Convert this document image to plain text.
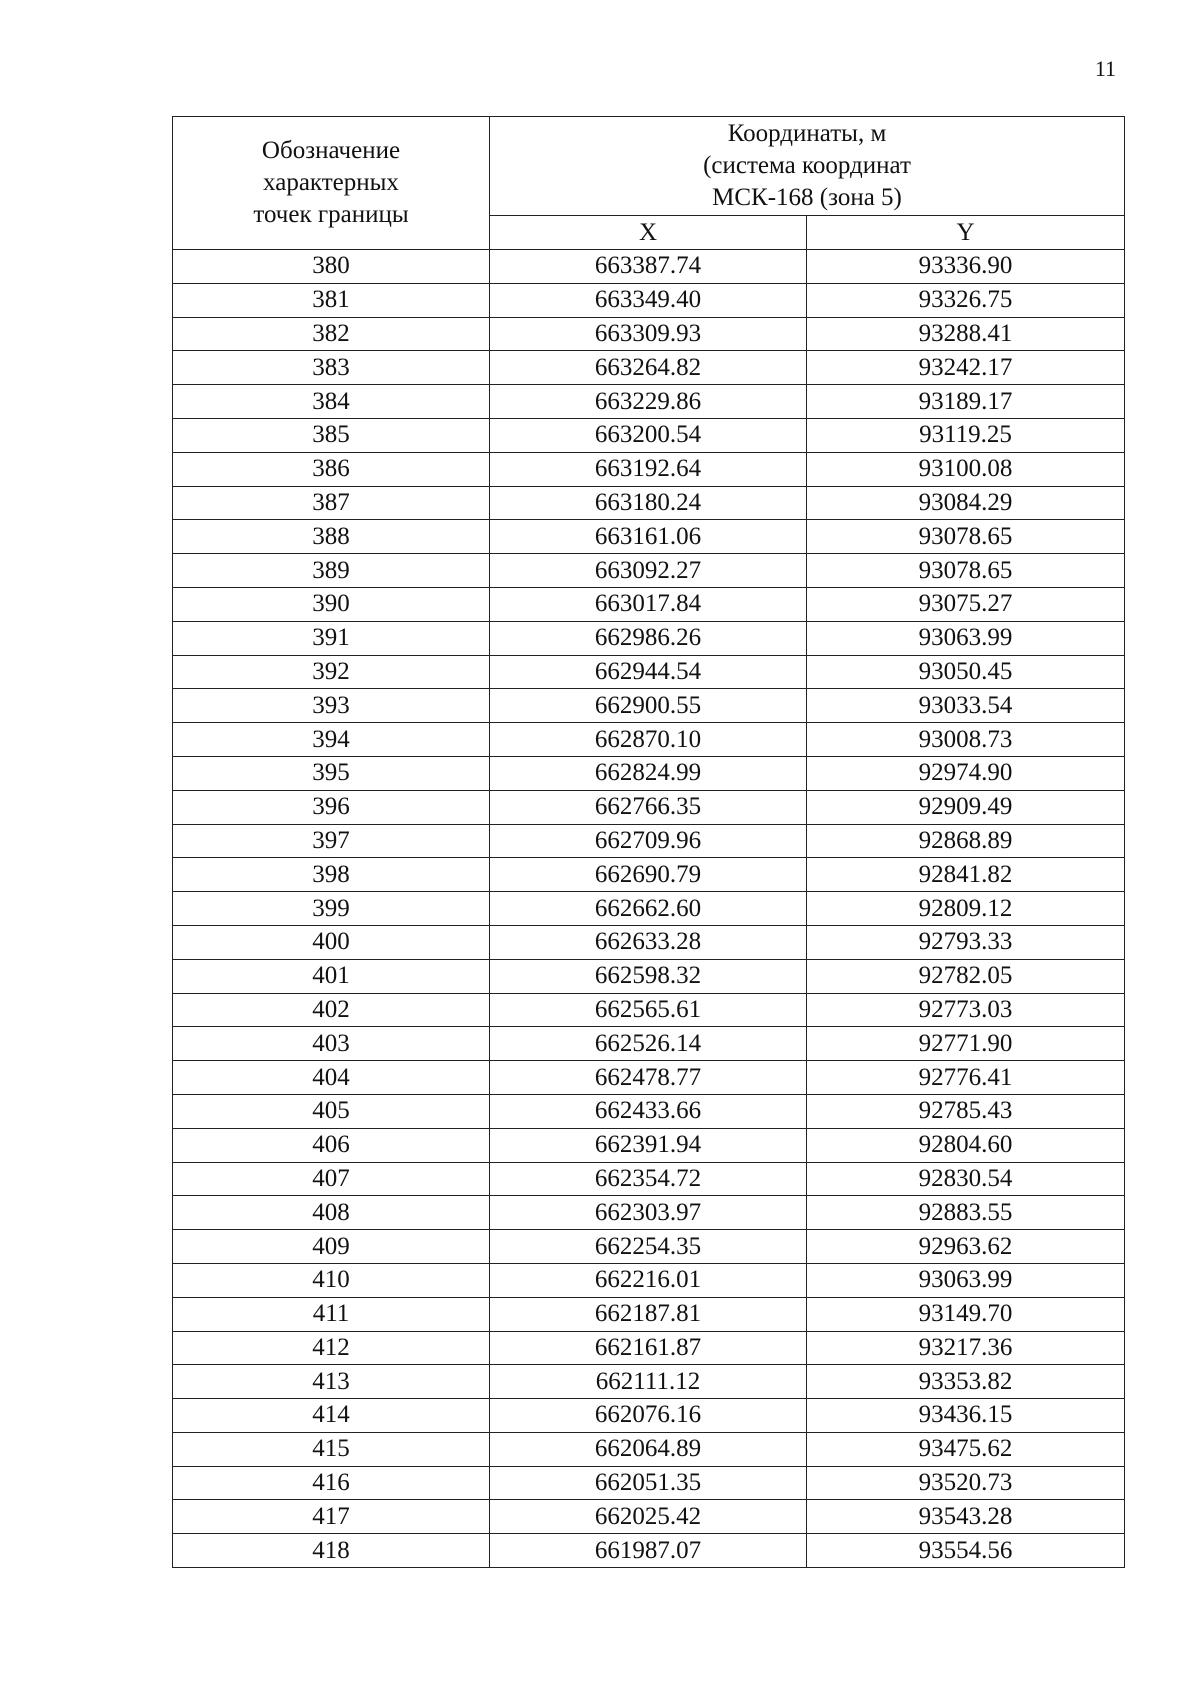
11
Обозначение
характерных
точек границы	Координаты, м
(система координат
МСК-168 (зона 5)	

	X	Y
380	663387.74	93336.90
381	663349.40	93326.75
382	663309.93	93288.41
383	663264.82	93242.17
384	663229.86	93189.17
385	663200.54	93119.25
386	663192.64	93100.08
387	663180.24	93084.29
388	663161.06	93078.65
389	663092.27	93078.65
390	663017.84	93075.27
391	662986.26	93063.99
392	662944.54	93050.45
393	662900.55	93033.54
394	662870.10	93008.73
395	662824.99	92974.90
396	662766.35	92909.49
397	662709.96	92868.89
398	662690.79	92841.82
399	662662.60	92809.12
400	662633.28	92793.33
401	662598.32	92782.05
402	662565.61	92773.03
403	662526.14	92771.90
404	662478.77	92776.41
405	662433.66	92785.43
406	662391.94	92804.60
407	662354.72	92830.54
408	662303.97	92883.55
409	662254.35	92963.62
410	662216.01	93063.99
411	662187.81	93149.70
412	662161.87	93217.36
413	662111.12	93353.82
414	662076.16	93436.15
415	662064.89	93475.62
416	662051.35	93520.73
417	662025.42	93543.28
418	661987.07	93554.56
